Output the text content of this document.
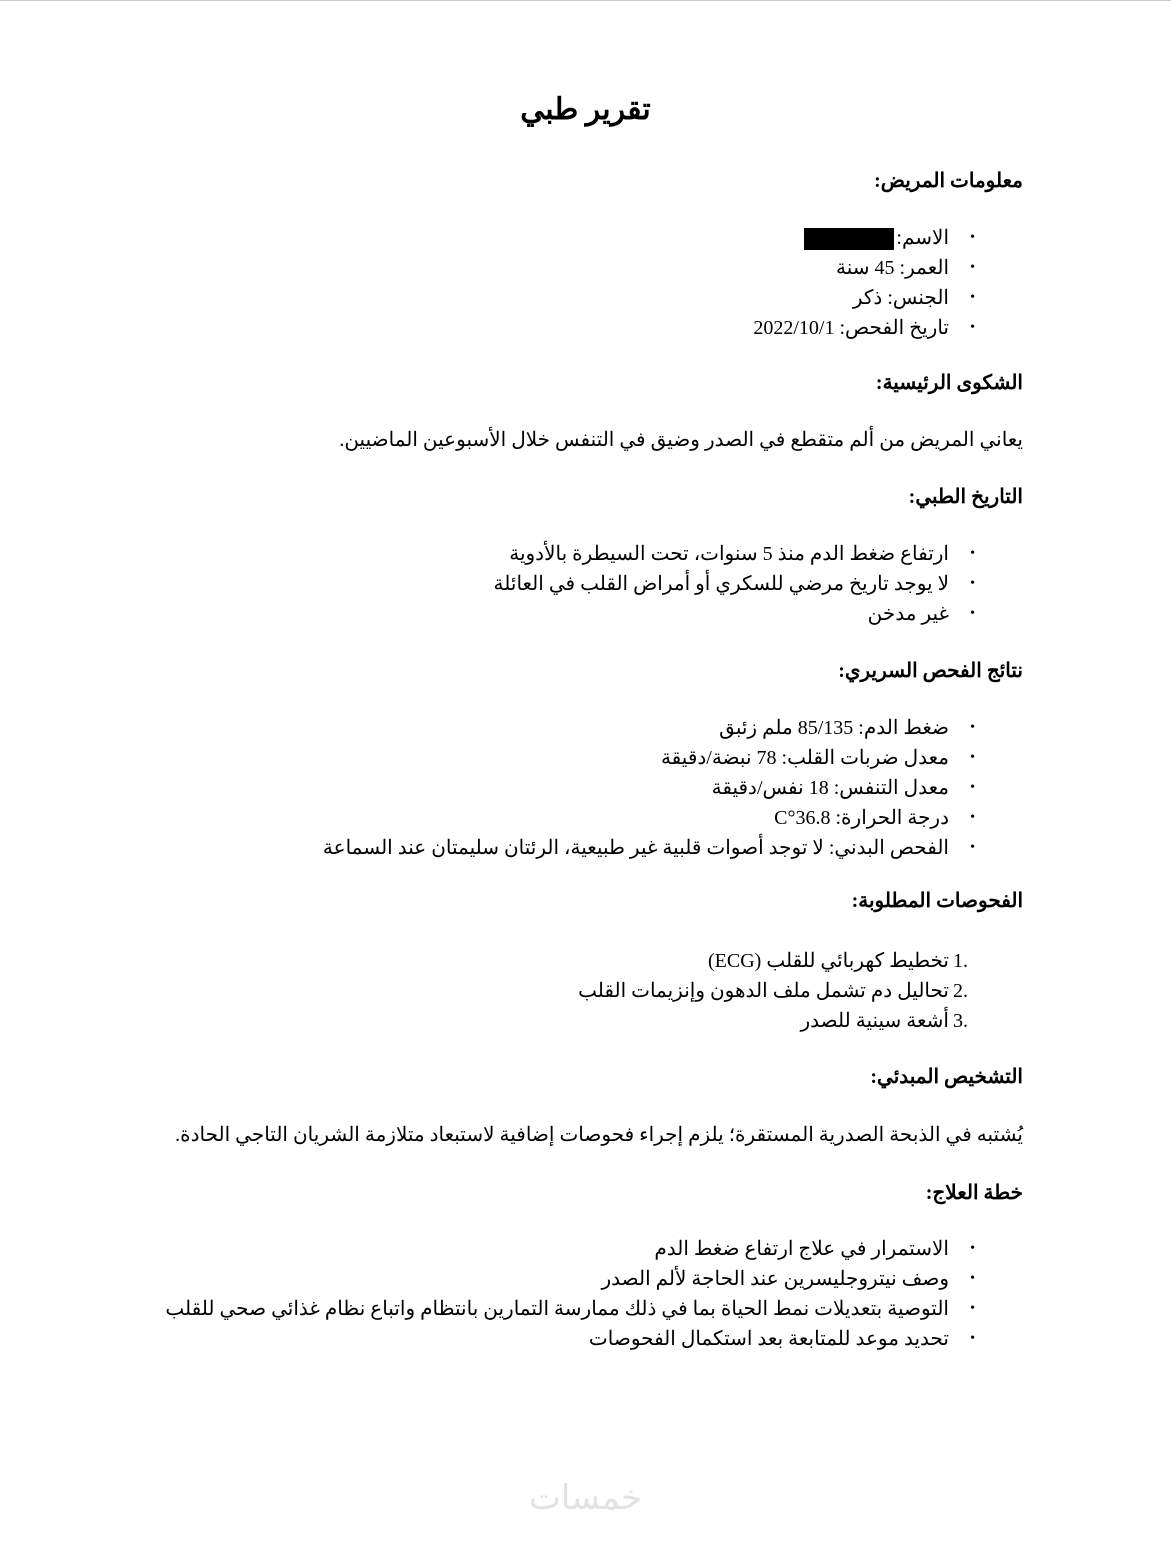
تقرير طبي

معلومات المريض:

•
الاسم:
•
العمر: 45 سنة
•
الجنس: ذكر
•
تاريخ الفحص: 2022/10/1

الشكوى الرئيسية:

يعاني المريض من ألم متقطع في الصدر وضيق في التنفس خلال الأسبوعين الماضيين.

التاريخ الطبي:

•
ارتفاع ضغط الدم منذ 5 سنوات، تحت السيطرة بالأدوية
•
لا يوجد تاريخ مرضي للسكري أو أمراض القلب في العائلة
•
غير مدخن

نتائج الفحص السريري:

•
ضغط الدم: 85/135 ملم زئبق
•
معدل ضربات القلب: 78 نبضة/دقيقة
•
معدل التنفس: 18 نفس/دقيقة
•
درجة الحرارة: 36.8°C
•
الفحص البدني: لا توجد أصوات قلبية غير طبيعية، الرئتان سليمتان عند السماعة

الفحوصات المطلوبة:

1.
تخطيط كهربائي للقلب (ECG)
2.
تحاليل دم تشمل ملف الدهون وإنزيمات القلب
3.
أشعة سينية للصدر

التشخيص المبدئي:

يُشتبه في الذبحة الصدرية المستقرة؛ يلزم إجراء فحوصات إضافية لاستبعاد متلازمة الشريان التاجي الحادة.

خطة العلاج:

•
الاستمرار في علاج ارتفاع ضغط الدم
•
وصف نيتروجليسرين عند الحاجة لألم الصدر
•
التوصية بتعديلات نمط الحياة بما في ذلك ممارسة التمارين بانتظام واتباع نظام غذائي صحي للقلب
•
تحديد موعد للمتابعة بعد استكمال الفحوصات
خمسات
